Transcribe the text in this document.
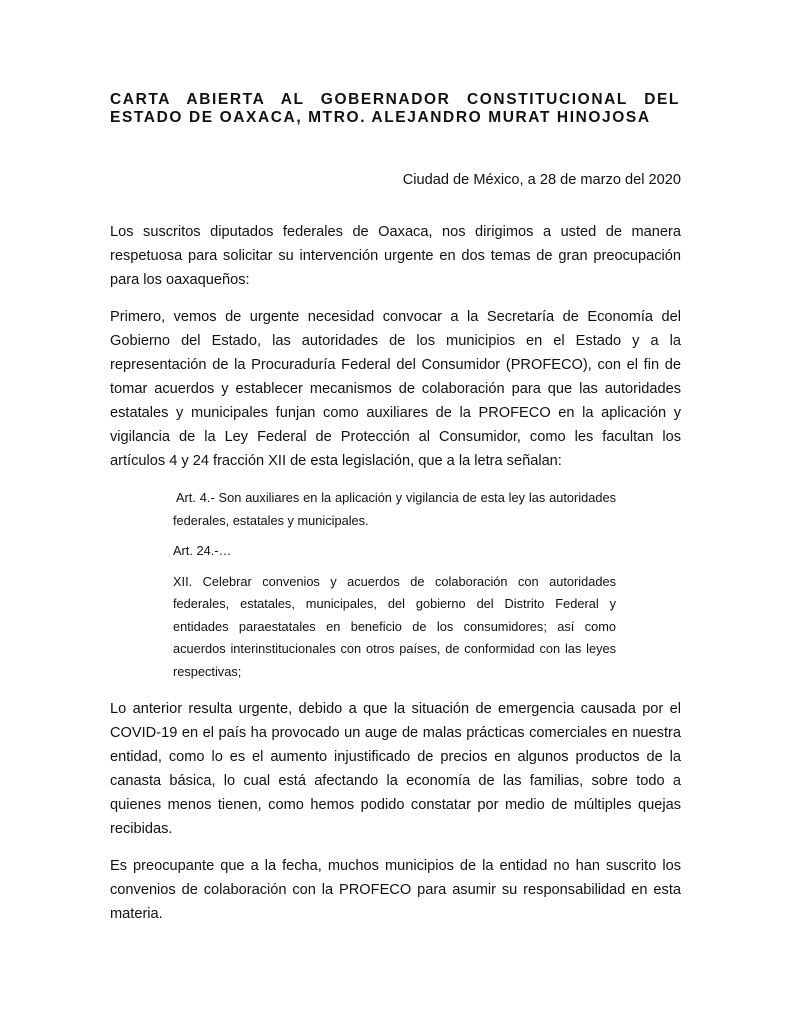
CARTA ABIERTA AL GOBERNADOR CONSTITUCIONAL DEL ESTADO DE OAXACA, MTRO. ALEJANDRO MURAT HINOJOSA

Ciudad de México, a 28 de marzo del 2020

Los suscritos diputados federales de Oaxaca, nos dirigimos a usted de manera respetuosa para solicitar su intervención urgente en dos temas de gran preocupación para los oaxaqueños:

Primero, vemos de urgente necesidad convocar a la Secretaría de Economía del Gobierno del Estado, las autoridades de los municipios en el Estado y a la representación de la Procuraduría Federal del Consumidor (PROFECO), con el fin de tomar acuerdos y establecer mecanismos de colaboración para que las autoridades estatales y municipales funjan como auxiliares de la PROFECO en la aplicación y vigilancia de la Ley Federal de Protección al Consumidor, como les facultan los artículos 4 y 24 fracción XII de esta legislación, que a la letra señalan:

Art. 4.- Son auxiliares en la aplicación y vigilancia de esta ley las autoridades federales, estatales y municipales.

Art. 24.-…

XII. Celebrar convenios y acuerdos de colaboración con autoridades federales, estatales, municipales, del gobierno del Distrito Federal y entidades paraestatales en beneficio de los consumidores; así como acuerdos interinstitucionales con otros países, de conformidad con las leyes respectivas;

Lo anterior resulta urgente, debido a que la situación de emergencia causada por el COVID-19 en el país ha provocado un auge de malas prácticas comerciales en nuestra entidad, como lo es el aumento injustificado de precios en algunos productos de la canasta básica, lo cual está afectando la economía de las familias, sobre todo a quienes menos tienen, como hemos podido constatar por medio de múltiples quejas recibidas.

Es preocupante que a la fecha, muchos municipios de la entidad no han suscrito los convenios de colaboración con la PROFECO para asumir su responsabilidad en esta materia.
